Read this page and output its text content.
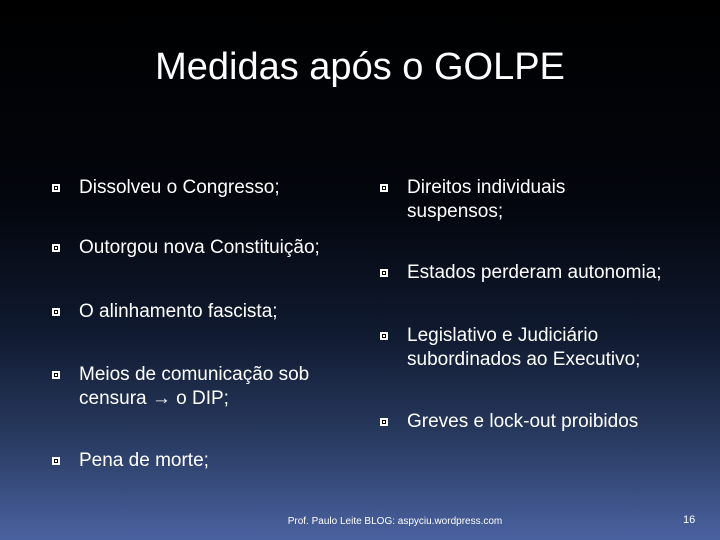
Medidas após o GOLPE
Dissolveu o Congresso;
Outorgou nova Constituição;
O alinhamento fascista;
Meios de comunicação sob
censura → o DIP;
Pena de morte;
Direitos individuais
suspensos;
Estados perderam autonomia;
Legislativo e Judiciário
subordinados ao Executivo;
Greves e lock-out proibidos
Prof. Paulo Leite BLOG: aspyciu.wordpress.com	16
